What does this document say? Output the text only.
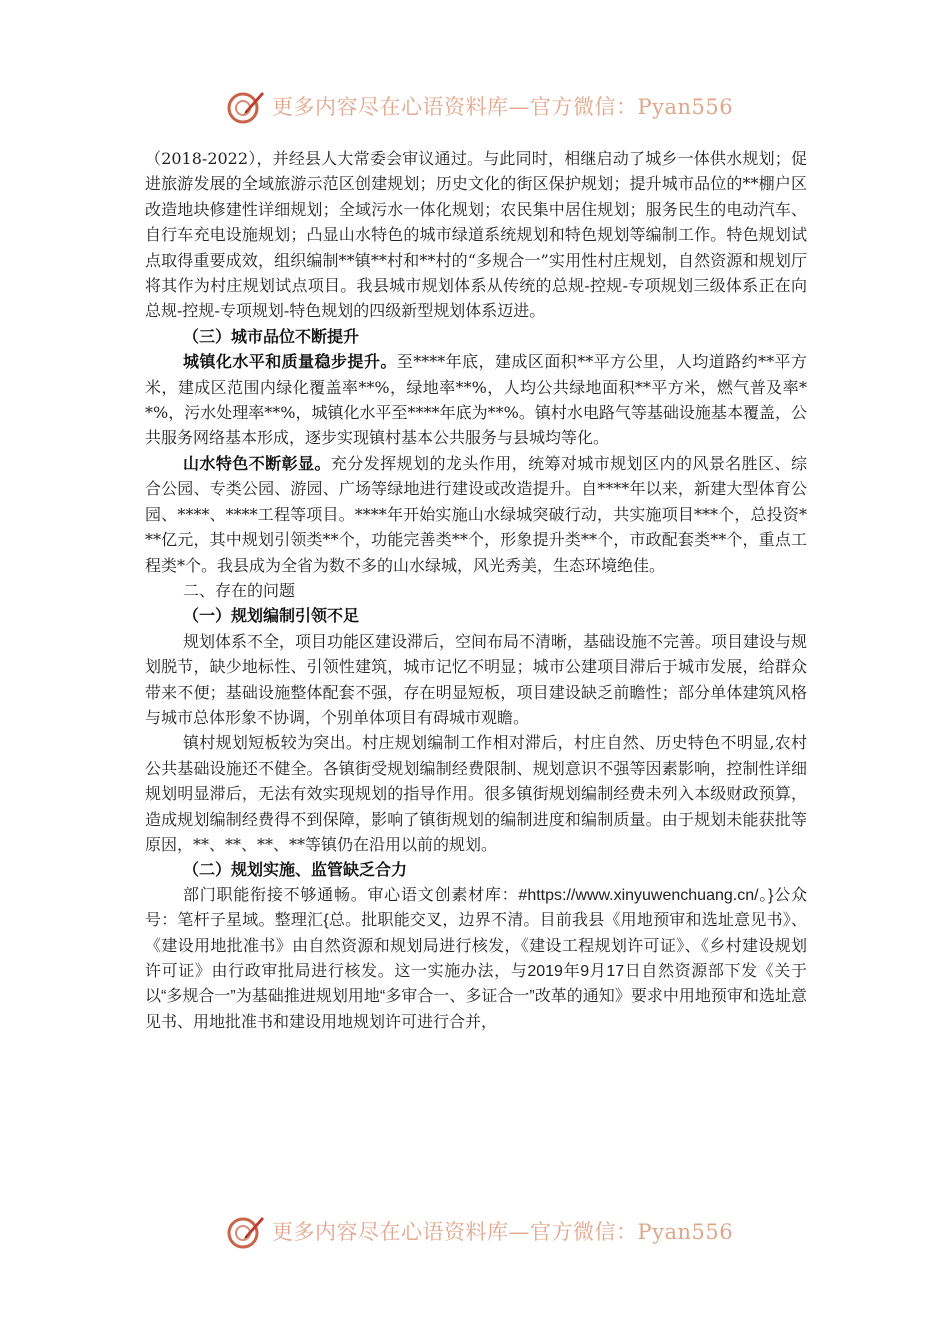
更多内容尽在心语资料库—官方微信：Pyan556

（2018-2022），并经县人大常委会审议通过。与此同时，相继启动了城乡一体供水规划；促进旅游发展的全域旅游示范区创建规划；历史文化的街区保护规划；提升城市品位的**棚户区改造地块修建性详细规划；全域污水一体化规划；农民集中居住规划；服务民生的电动汽车、自行车充电设施规划；凸显山水特色的城市绿道系统规划和特色规划等编制工作。特色规划试点取得重要成效，组织编制**镇**村和**村的“多规合一”实用性村庄规划，自然资源和规划厅将其作为村庄规划试点项目。我县城市规划体系从传统的总规-控规-专项规划三级体系正在向总规-控规-专项规划-特色规划的四级新型规划体系迈进。

（三）城市品位不断提升

城镇化水平和质量稳步提升。至****年底，建成区面积**平方公里，人均道路约**平方米，建成区范围内绿化覆盖率**%，绿地率**%，人均公共绿地面积**平方米，燃气普及率**%，污水处理率**%，城镇化水平至****年底为**%。镇村水电路气等基础设施基本覆盖，公共服务网络基本形成，逐步实现镇村基本公共服务与县城均等化。

山水特色不断彰显。充分发挥规划的龙头作用，统筹对城市规划区内的风景名胜区、综合公园、专类公园、游园、广场等绿地进行建设或改造提升。自****年以来，新建大型体育公园、****、****工程等项目。****年开始实施山水绿城突破行动，共实施项目***个，总投资***亿元，其中规划引领类**个，功能完善类**个，形象提升类**个，市政配套类**个，重点工程类*个。我县成为全省为数不多的山水绿城，风光秀美，生态环境绝佳。

二、存在的问题

（一）规划编制引领不足

规划体系不全，项目功能区建设滞后，空间布局不清晰，基础设施不完善。项目建设与规划脱节，缺少地标性、引领性建筑，城市记忆不明显；城市公建项目滞后于城市发展，给群众带来不便；基础设施整体配套不强，存在明显短板，项目建设缺乏前瞻性；部分单体建筑风格与城市总体形象不协调，个别单体项目有碍城市观瞻。

镇村规划短板较为突出。村庄规划编制工作相对滞后，村庄自然、历史特色不明显,农村公共基础设施还不健全。各镇街受规划编制经费限制、规划意识不强等因素影响，控制性详细规划明显滞后，无法有效实现规划的指导作用。很多镇街规划编制经费未列入本级财政预算，造成规划编制经费得不到保障，影响了镇街规划的编制进度和编制质量。由于规划未能获批等原因，**、**、**、**等镇仍在沿用以前的规划。

（二）规划实施、监管缺乏合力

部门职能衔接不够通畅。审心语文创素材库：#https://www.xinyuwenchuang.cn/。}公众号：笔杆子星域。整理汇{总。批职能交叉，边界不清。目前我县《用地预审和选址意见书》、《建设用地批准书》由自然资源和规划局进行核发，《建设工程规划许可证》、《乡村建设规划许可证》由行政审批局进行核发。这一实施办法，与2019年9月17日自然资源部下发《关于以“多规合一”为基础推进规划用地“多审合一、多证合一”改革的通知》要求中用地预审和选址意见书、用地批准书和建设用地规划许可进行合并，

更多内容尽在心语资料库—官方微信：Pyan556
